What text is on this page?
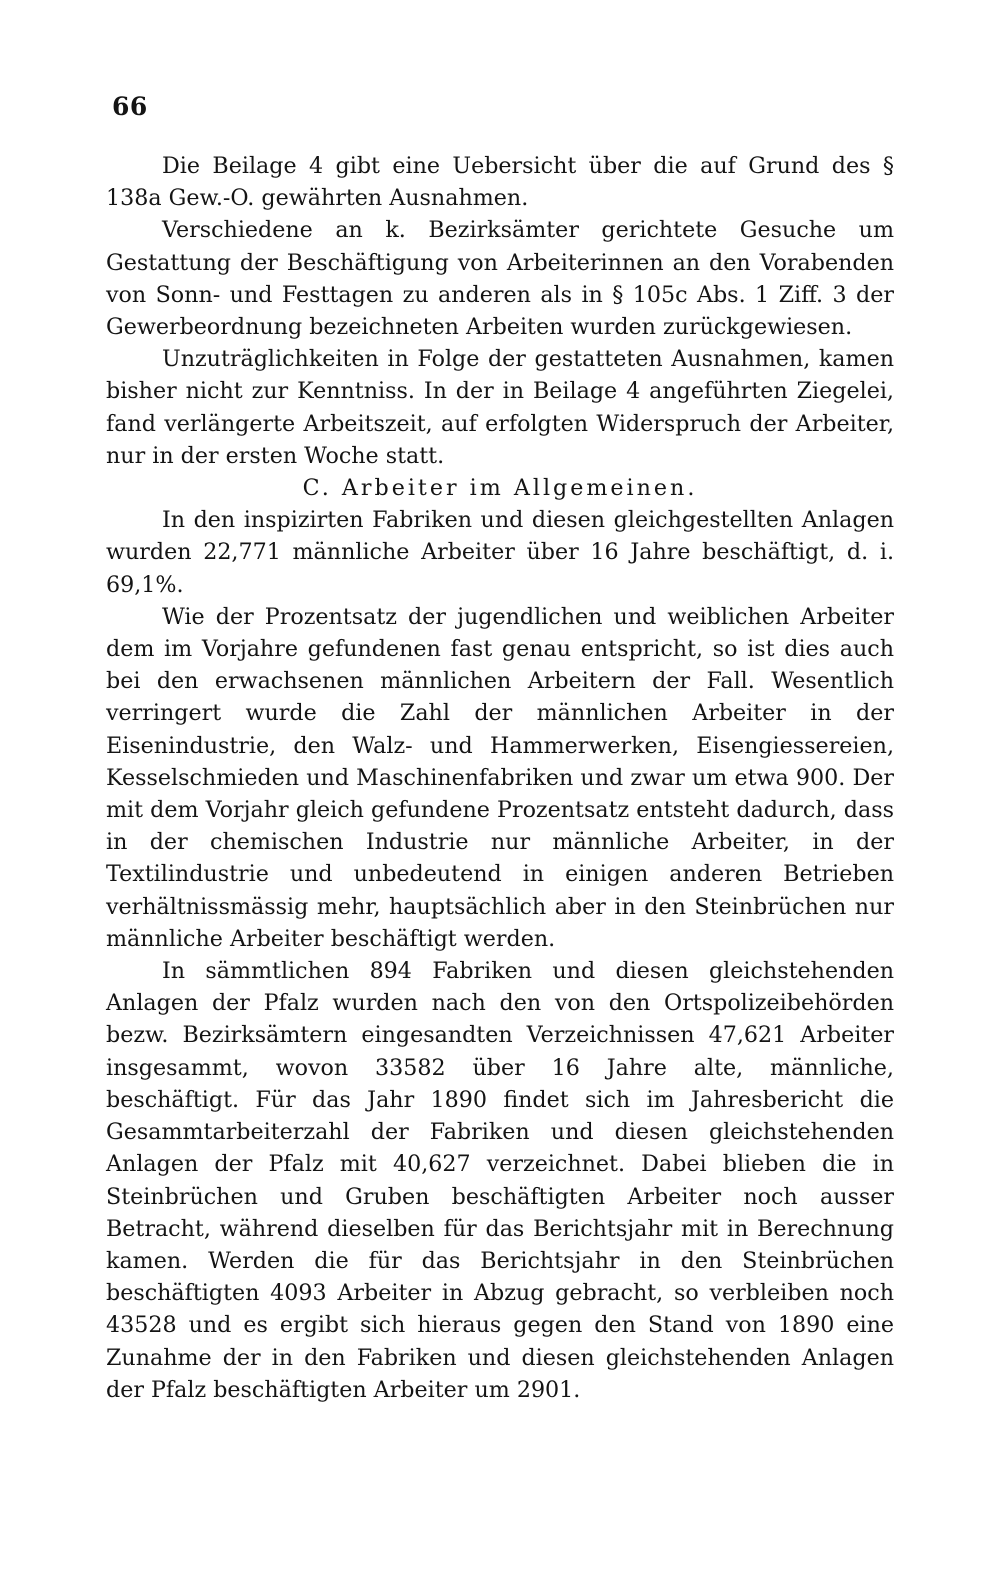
66

Die Beilage 4 gibt eine Uebersicht über die auf Grund des § 138a Gew.-O. gewährten Ausnahmen.

Verschiedene an k. Bezirksämter gerichtete Gesuche um Gestattung der Beschäftigung von Arbeiterinnen an den Vorabenden von Sonn- und Festtagen zu anderen als in § 105c Abs. 1 Ziff. 3 der Gewerbeordnung bezeichneten Arbeiten wurden zurückgewiesen.

Unzuträglichkeiten in Folge der gestatteten Ausnahmen, kamen bisher nicht zur Kenntniss. In der in Beilage 4 angeführten Ziegelei, fand verlängerte Arbeitszeit, auf erfolgten Widerspruch der Arbeiter, nur in der ersten Woche statt.

C. Arbeiter im Allgemeinen.

In den inspizirten Fabriken und diesen gleichgestellten Anlagen wurden 22,771 männliche Arbeiter über 16 Jahre beschäftigt, d. i. 69,1%.

Wie der Prozentsatz der jugendlichen und weiblichen Arbeiter dem im Vorjahre gefundenen fast genau entspricht, so ist dies auch bei den erwachsenen männlichen Arbeitern der Fall. Wesentlich verringert wurde die Zahl der männlichen Arbeiter in der Eisenindustrie, den Walz- und Hammerwerken, Eisengiessereien, Kesselschmieden und Maschinenfabriken und zwar um etwa 900. Der mit dem Vorjahr gleich gefundene Prozentsatz entsteht dadurch, dass in der chemischen Industrie nur männliche Arbeiter, in der Textilindustrie und unbedeutend in einigen anderen Betrieben verhältnissmässig mehr, hauptsächlich aber in den Steinbrüchen nur männliche Arbeiter beschäftigt werden.

In sämmtlichen 894 Fabriken und diesen gleichstehenden Anlagen der Pfalz wurden nach den von den Ortspolizeibehörden bezw. Bezirksämtern eingesandten Verzeichnissen 47,621 Arbeiter insgesammt, wovon 33582 über 16 Jahre alte, männliche, beschäftigt. Für das Jahr 1890 findet sich im Jahresbericht die Gesammtarbeiterzahl der Fabriken und diesen gleichstehenden Anlagen der Pfalz mit 40,627 verzeichnet. Dabei blieben die in Steinbrüchen und Gruben beschäftigten Arbeiter noch ausser Betracht, während dieselben für das Berichtsjahr mit in Berechnung kamen. Werden die für das Berichtsjahr in den Steinbrüchen beschäftigten 4093 Arbeiter in Abzug gebracht, so verbleiben noch 43528 und es ergibt sich hieraus gegen den Stand von 1890 eine Zunahme der in den Fabriken und diesen gleichstehenden Anlagen der Pfalz beschäftigten Arbeiter um 2901.
